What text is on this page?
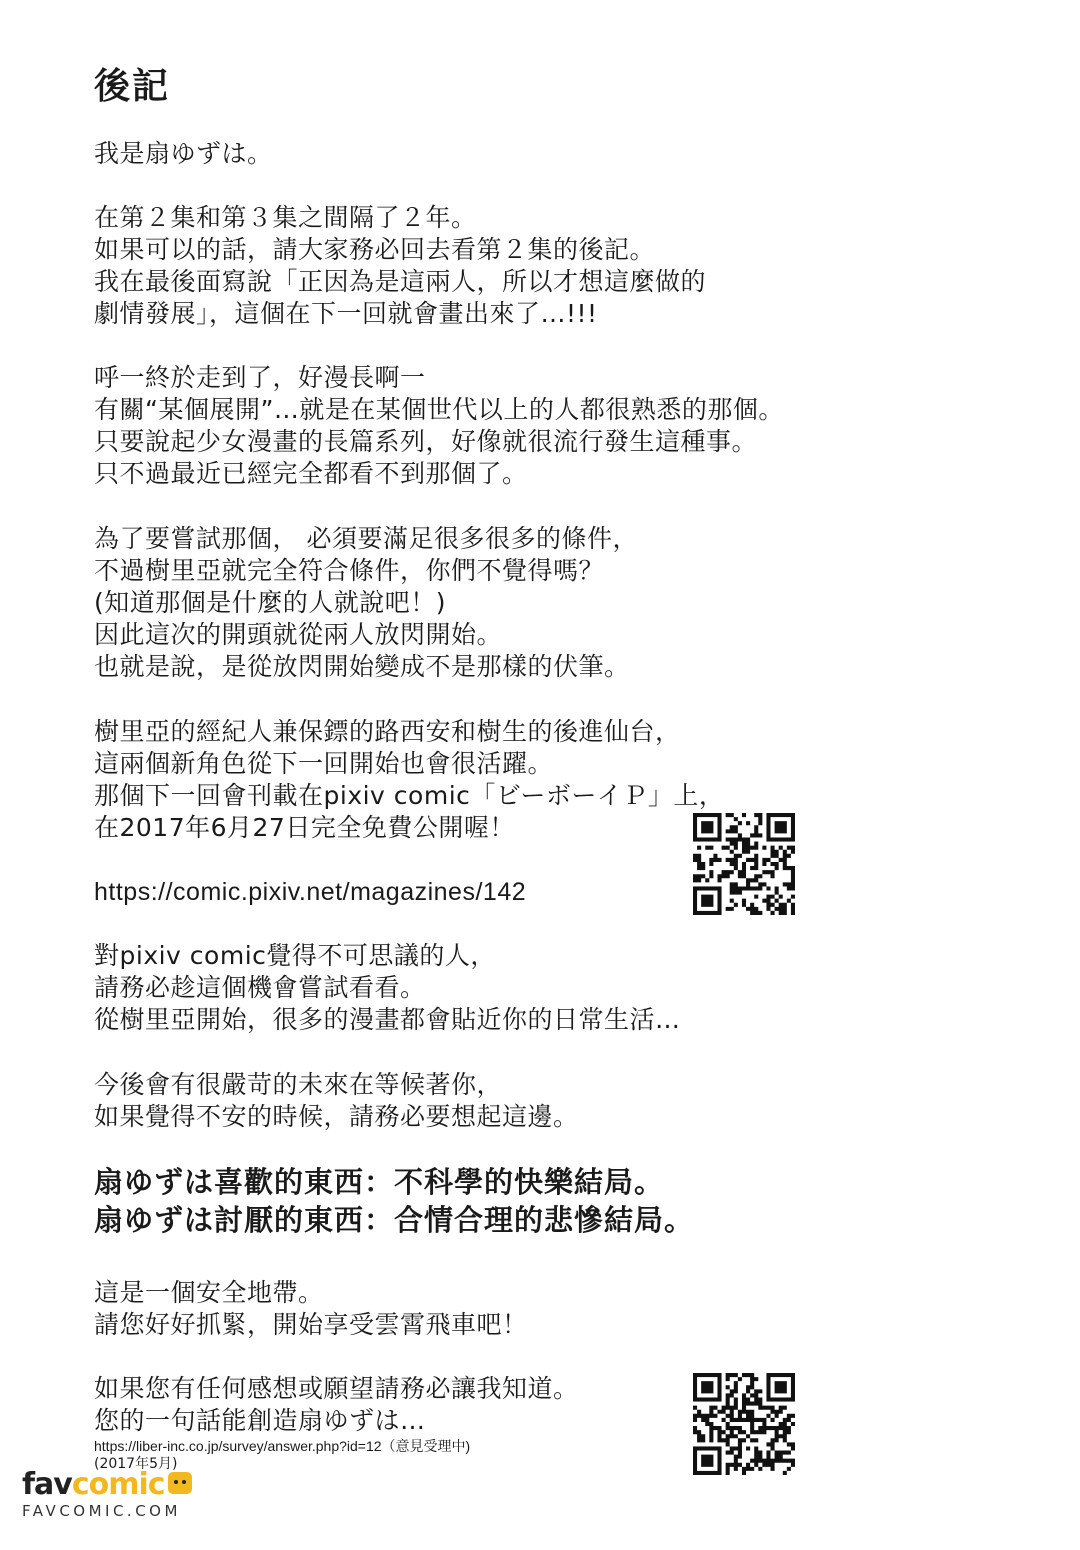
後記
我是扇ゆずは。
在第２集和第３集之間隔了２年。
如果可以的話，請大家務必回去看第２集的後記。
我在最後面寫說「正因為是這兩人，所以才想這麼做的
劇情發展」，這個在下一回就會畫出來了…!!!
呼一終於走到了，好漫長啊一
有關“某個展開”…就是在某個世代以上的人都很熟悉的那個。
只要說起少女漫畫的長篇系列，好像就很流行發生這種事。
只不過最近已經完全都看不到那個了。
為了要嘗試那個， 必須要滿足很多很多的條件，
不過樹里亞就完全符合條件，你們不覺得嗎？
(知道那個是什麼的人就說吧！)
因此這次的開頭就從兩人放閃開始。
也就是說，是從放閃開始變成不是那樣的伏筆。
樹里亞的經紀人兼保鏢的路西安和樹生的後進仙台，
這兩個新角色從下一回開始也會很活躍。
那個下一回會刊載在pixiv comic「ビーボーイＰ」上，
在2017年6月27日完全免費公開喔！
https://comic.pixiv.net/magazines/142
對pixiv comic覺得不可思議的人，
請務必趁這個機會嘗試看看。
從樹里亞開始，很多的漫畫都會貼近你的日常生活…
今後會有很嚴苛的未來在等候著你，
如果覺得不安的時候，請務必要想起這邊。
扇ゆずは喜歡的東西：不科學的快樂結局。
扇ゆずは討厭的東西：合情合理的悲慘結局。
這是一個安全地帶。
請您好好抓緊，開始享受雲霄飛車吧！
如果您有任何感想或願望請務必讓我知道。
您的一句話能創造扇ゆずは…
https://liber-inc.co.jp/survey/answer.php?id=12（意見受理中)
(2017年5月)
favcomic
FAVCOMIC.COM
